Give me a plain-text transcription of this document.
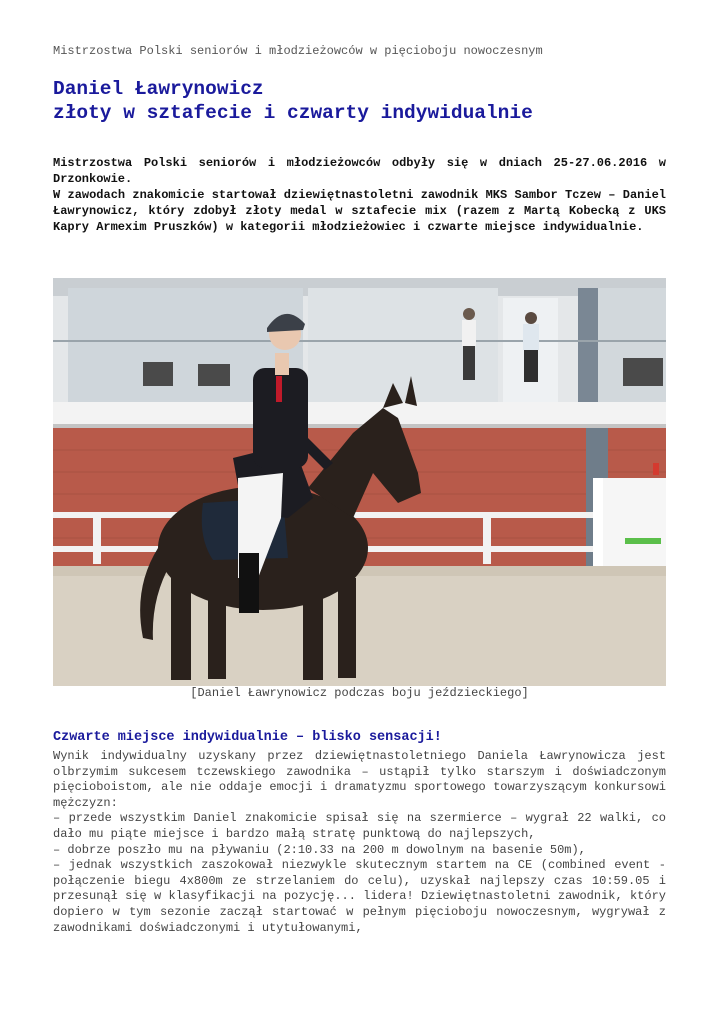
Mistrzostwa Polski seniorów i młodzieżowców w pięcioboju nowoczesnym
Daniel Ławrynowicz
złoty w sztafecie i czwarty indywidualnie

Mistrzostwa Polski seniorów i młodzieżowców odbyły się w dniach 25-27.06.2016 w Drzonkowie.

W zawodach znakomicie startował dziewiętnastoletni zawodnik MKS Sambor Tczew – Daniel Ławrynowicz, który zdobył złoty medal w sztafecie mix (razem z Martą Kobecką z UKS Kapry Armexim Pruszków) w kategorii młodzieżowiec i czwarte miejsce indywidualnie.

[Daniel Ławrynowicz podczas boju jeździeckiego]
Czwarte miejsce indywidualnie – blisko sensacji!

Wynik indywidualny uzyskany przez dziewiętnastoletniego Daniela Ławrynowicza jest olbrzymim sukcesem tczewskiego zawodnika – ustąpił tylko starszym i doświadczonym pięcioboistom, ale nie oddaje emocji i dramatyzmu sportowego towarzyszącym konkursowi mężczyzn:

– przede wszystkim Daniel znakomicie spisał się na szermierce – wygrał 22 walki, co dało mu piąte miejsce i bardzo małą stratę punktową do najlepszych,

– dobrze poszło mu na pływaniu (2:10.33 na 200 m dowolnym na basenie 50m),

– jednak wszystkich zaszokował niezwykle skutecznym startem na CE (combined event - połączenie biegu 4x800m ze strzelaniem do celu), uzyskał najlepszy czas 10:59.05 i przesunął się w klasyfikacji na pozycję... lidera! Dziewiętnastoletni zawodnik, który dopiero w tym sezonie zaczął startować w pełnym pięcioboju nowoczesnym, wygrywał z zawodnikami doświadczonymi i utytułowanymi,
